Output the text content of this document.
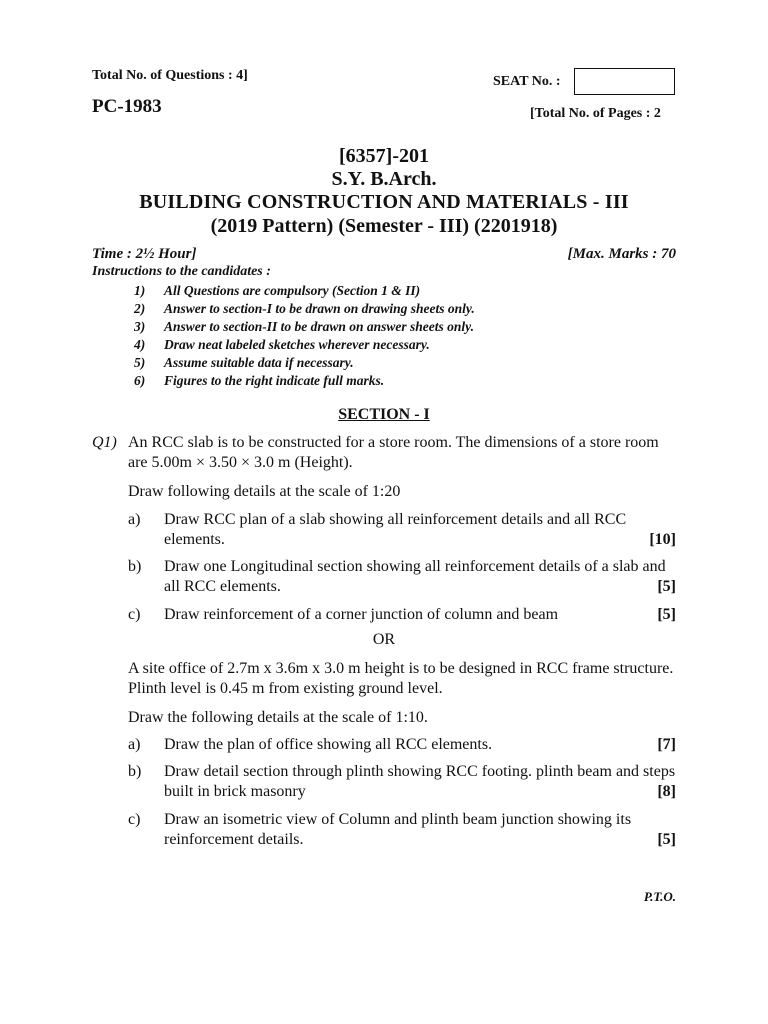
Total No. of Questions : 4]
PC-1983
SEAT No. :
[Total No. of Pages : 2
[6357]-201
S.Y. B.Arch.
BUILDING CONSTRUCTION AND MATERIALS - III
(2019 Pattern) (Semester - III) (2201918)
Time : 2½ Hour]	[Max. Marks : 70
Instructions to the candidates :
1)	All Questions are compulsory (Section 1 & II)
2)	Answer to section-I to be drawn on drawing sheets only.
3)	Answer to section-II to be drawn on answer sheets only.
4)	Draw neat labeled sketches wherever necessary.
5)	Assume suitable data if necessary.
6)	Figures to the right indicate full marks.
SECTION - I
Q1) An RCC slab is to be constructed for a store room. The dimensions of a store room are 5.00m × 3.50 × 3.0 m (Height).
Draw following details at the scale of 1:20
a) Draw RCC plan of a slab showing all reinforcement details and all RCC elements.	[10]
b) Draw one Longitudinal section showing all reinforcement details of a slab and all RCC elements.	[5]
c) Draw reinforcement of a corner junction of column and beam	[5]
OR
A site office of 2.7m x 3.6m x 3.0 m height is to be designed in RCC frame structure. Plinth level is 0.45 m from existing ground level.
Draw the following details at the scale of 1:10.
a) Draw the plan of office showing all RCC elements.	[7]
b) Draw detail section through plinth showing RCC footing. plinth beam and steps built in brick masonry	[8]
c) Draw an isometric view of Column and plinth beam junction showing its reinforcement details.	[5]
P.T.O.
